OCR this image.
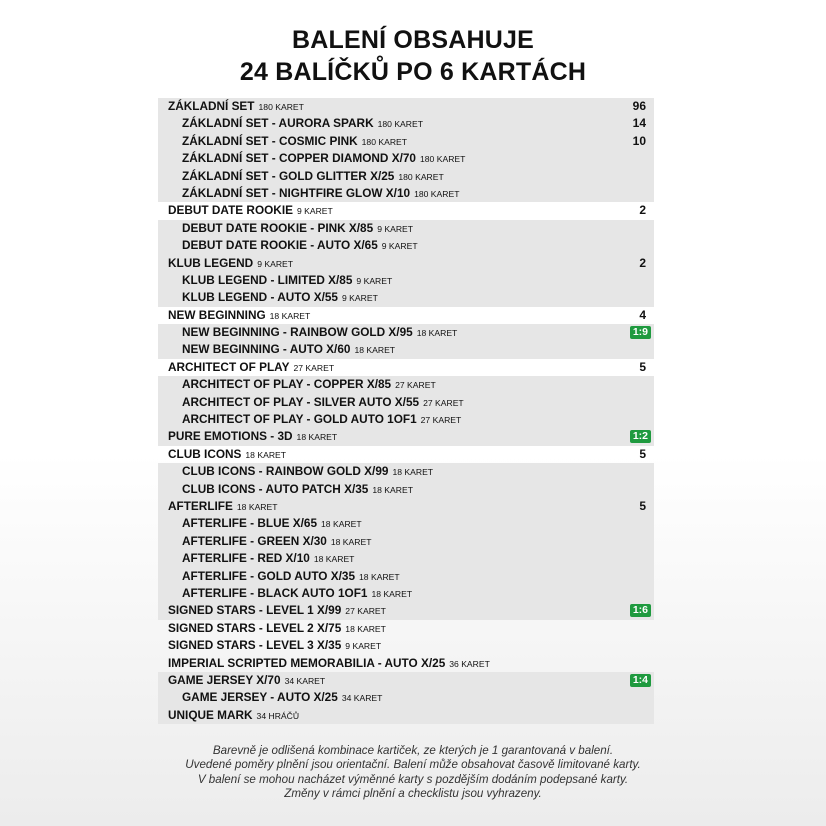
BALENÍ OBSAHUJE
24 BALÍČKŮ PO 6 KARTÁCH
ZÁKLADNÍ SET 180 KARET	96
ZÁKLADNÍ SET - AURORA SPARK 180 KARET	14
ZÁKLADNÍ SET - COSMIC PINK 180 KARET	10
ZÁKLADNÍ SET - COPPER DIAMOND X/70 180 KARET
ZÁKLADNÍ SET - GOLD GLITTER X/25 180 KARET
ZÁKLADNÍ SET - NIGHTFIRE GLOW X/10 180 KARET
DEBUT DATE ROOKIE 9 KARET	2
DEBUT DATE ROOKIE - PINK X/85 9 KARET
DEBUT DATE ROOKIE - AUTO X/65 9 KARET
KLUB LEGEND 9 KARET	2
KLUB LEGEND - LIMITED X/85 9 KARET
KLUB LEGEND - AUTO X/55 9 KARET
NEW BEGINNING 18 KARET	4
NEW BEGINNING - RAINBOW GOLD X/95 18 KARET	1:9
NEW BEGINNING - AUTO X/60 18 KARET
ARCHITECT OF PLAY 27 KARET	5
ARCHITECT OF PLAY - COPPER X/85 27 KARET
ARCHITECT OF PLAY - SILVER AUTO X/55 27 KARET
ARCHITECT OF PLAY - GOLD AUTO 1OF1 27 KARET
PURE EMOTIONS - 3D 18 KARET	1:2
CLUB ICONS 18 KARET	5
CLUB ICONS - RAINBOW GOLD X/99 18 KARET
CLUB ICONS - AUTO PATCH X/35 18 KARET
AFTERLIFE 18 KARET	5
AFTERLIFE - BLUE X/65 18 KARET
AFTERLIFE - GREEN X/30 18 KARET
AFTERLIFE - RED X/10 18 KARET
AFTERLIFE - GOLD AUTO X/35 18 KARET
AFTERLIFE - BLACK AUTO 1OF1 18 KARET
SIGNED STARS - LEVEL 1 X/99 27 KARET	1:6
SIGNED STARS - LEVEL 2 X/75 18 KARET
SIGNED STARS - LEVEL 3 X/35 9 KARET
IMPERIAL SCRIPTED MEMORABILIA - AUTO X/25 36 KARET
GAME JERSEY X/70 34 KARET	1:4
GAME JERSEY - AUTO X/25 34 KARET
UNIQUE MARK 34 HRÁČŮ
Barevně je odlišená kombinace kartiček, ze kterých je 1 garantovaná v balení.
Uvedené poměry plnění jsou orientační. Balení může obsahovat časově limitované karty.
V balení se mohou nacházet výměnné karty s pozdějším dodáním podepsané karty.
Změny v rámci plnění a checklistu jsou vyhrazeny.
